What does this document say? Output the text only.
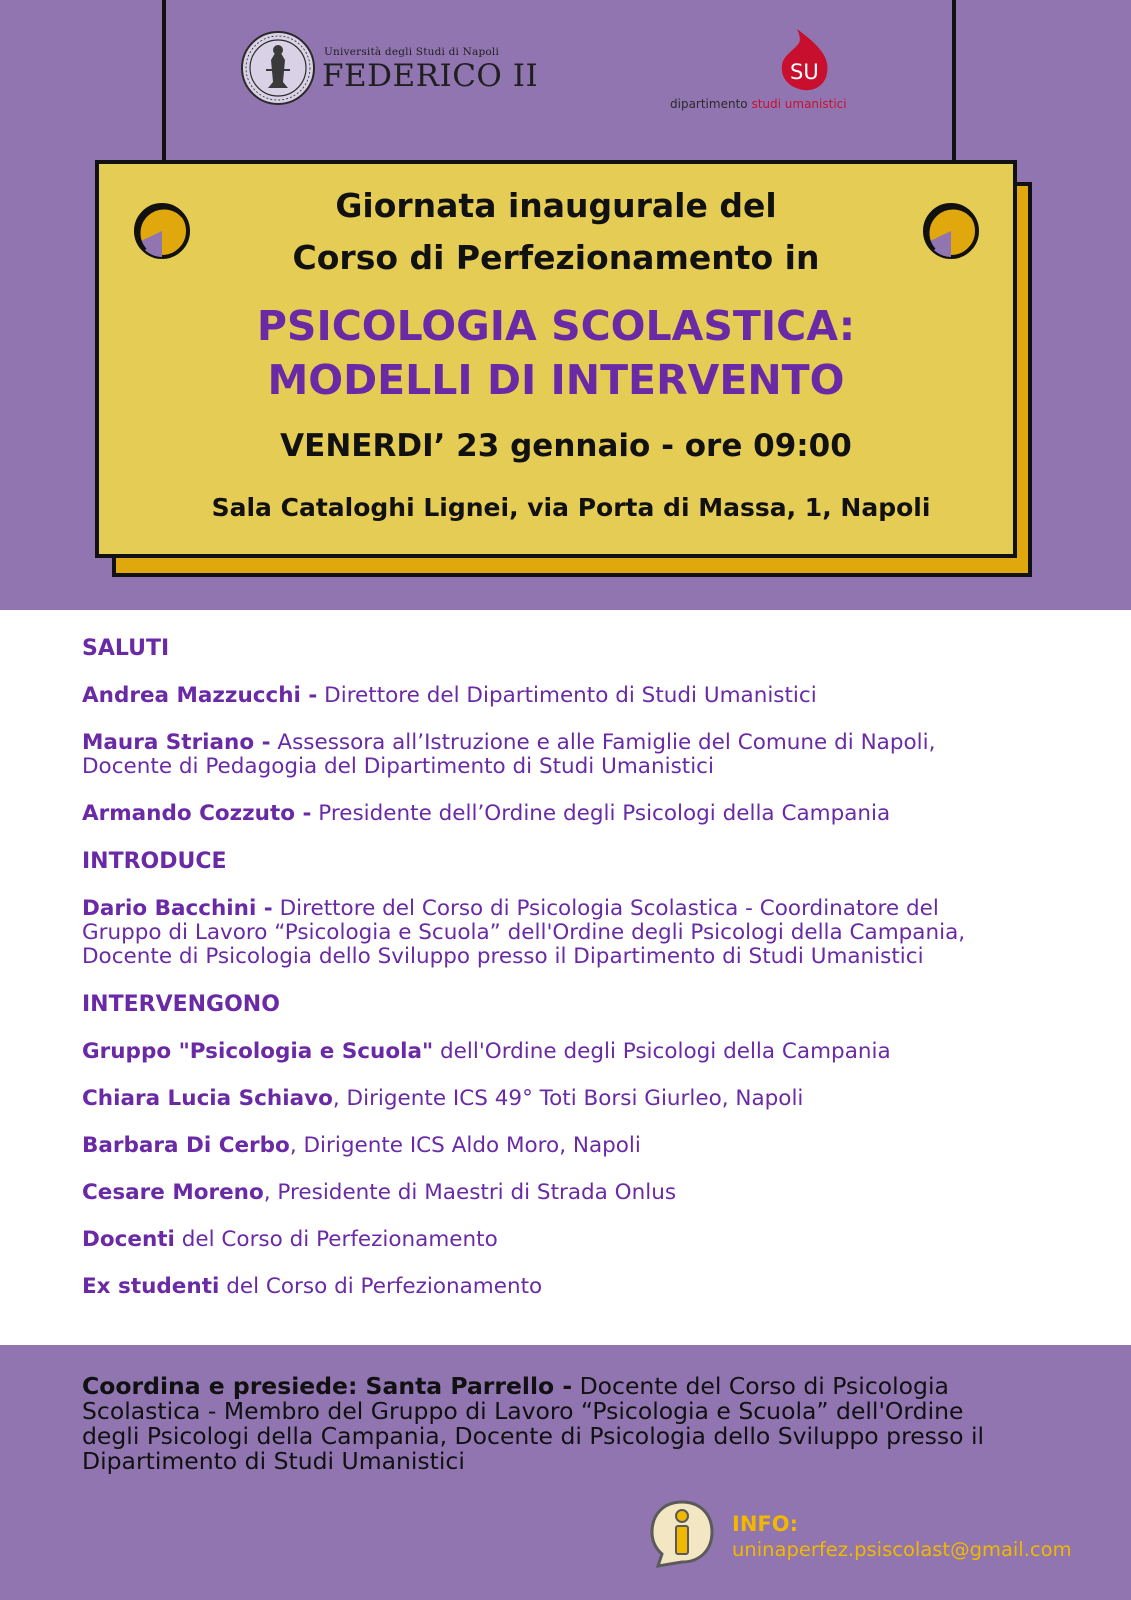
Università degli Studi di Napoli
FEDERICO II	SU
dipartimento studi umanistici
Giornata inaugurale del
Corso di Perfezionamento in
PSICOLOGIA SCOLASTICA:
MODELLI DI INTERVENTO
VENERDI’ 23 gennaio - ore 09:00
Sala Cataloghi Lignei, via Porta di Massa, 1, Napoli
SALUTI
Andrea Mazzucchi - Direttore del Dipartimento di Studi Umanistici
Maura Striano - Assessora all’Istruzione e alle Famiglie del Comune di Napoli,
Docente di Pedagogia del Dipartimento di Studi Umanistici
Armando Cozzuto - Presidente dell’Ordine degli Psicologi della Campania
INTRODUCE
Dario Bacchini - Direttore del Corso di Psicologia Scolastica - Coordinatore del
Gruppo di Lavoro “Psicologia e Scuola” dell'Ordine degli Psicologi della Campania,
Docente di Psicologia dello Sviluppo presso il Dipartimento di Studi Umanistici
INTERVENGONO
Gruppo "Psicologia e Scuola" dell'Ordine degli Psicologi della Campania
Chiara Lucia Schiavo, Dirigente ICS 49° Toti Borsi Giurleo, Napoli
Barbara Di Cerbo, Dirigente ICS Aldo Moro, Napoli
Cesare Moreno, Presidente di Maestri di Strada Onlus
Docenti del Corso di Perfezionamento
Ex studenti del Corso di Perfezionamento
Coordina e presiede: Santa Parrello - Docente del Corso di Psicologia
Scolastica - Membro del Gruppo di Lavoro “Psicologia e Scuola” dell'Ordine
degli Psicologi della Campania, Docente di Psicologia dello Sviluppo presso il
Dipartimento di Studi Umanistici
INFO:
uninaperfez.psiscolast@gmail.com
